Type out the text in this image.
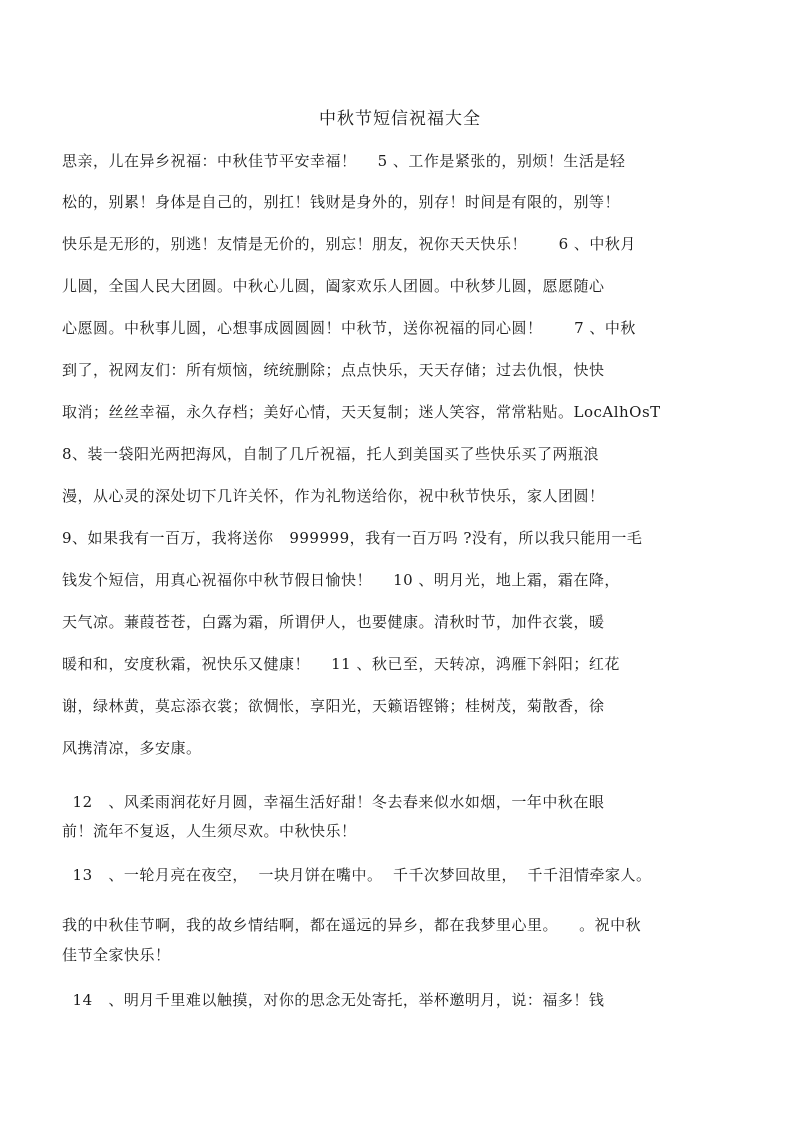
中秋节短信祝福大全
思亲，儿在异乡祝福：中秋佳节平安幸福！    5 、工作是紧张的，别烦！生活是轻
松的，别累！身体是自己的，别扛！钱财是身外的，别存！时间是有限的，别等！
快乐是无形的，别逃！友情是无价的，别忘！朋友，祝你天天快乐！      6 、中秋月
儿圆，全国人民大团圆。中秋心儿圆，阖家欢乐人团圆。中秋梦儿圆，愿愿随心
心愿圆。中秋事儿圆，心想事成圆圆圆！中秋节，送你祝福的同心圆！      7 、中秋
到了，祝网友们：所有烦恼，统统删除；点点快乐，天天存储；过去仇恨，快快
取消；丝丝幸福，永久存档；美好心情，天天复制；迷人笑容，常常粘贴。LocAlhOsT
8、装一袋阳光两把海风，自制了几斤祝福，托人到美国买了些快乐买了两瓶浪
漫，从心灵的深处切下几许关怀，作为礼物送给你，祝中秋节快乐，家人团圆！
9、如果我有一百万，我将送你   999999，我有一百万吗 ?没有，所以我只能用一毛
钱发个短信，用真心祝福你中秋节假日愉快！    10 、明月光，地上霜，霜在降，
天气凉。蒹葭苍苍，白露为霜，所谓伊人，也要健康。清秋时节，加件衣裳，暖
暖和和，安度秋霜，祝快乐又健康！    11 、秋已至，天转凉，鸿雁下斜阳；红花
谢，绿林黄，莫忘添衣裳；欲惆怅，享阳光，天籁语铿锵；桂树茂，菊散香，徐
风携清凉，多安康。
12   、风柔雨润花好月圆，幸福生活好甜！冬去春来似水如烟，一年中秋在眼
前！流年不复返，人生须尽欢。中秋快乐！
13   、一轮月亮在夜空，  一块月饼在嘴中。  千千次梦回故里，  千千泪情牵家人。
我的中秋佳节啊，我的故乡情结啊，都在遥远的异乡，都在我梦里心里。    。祝中秋
佳节全家快乐！
14   、明月千里难以触摸，对你的思念无处寄托，举杯邀明月，说：福多！钱
